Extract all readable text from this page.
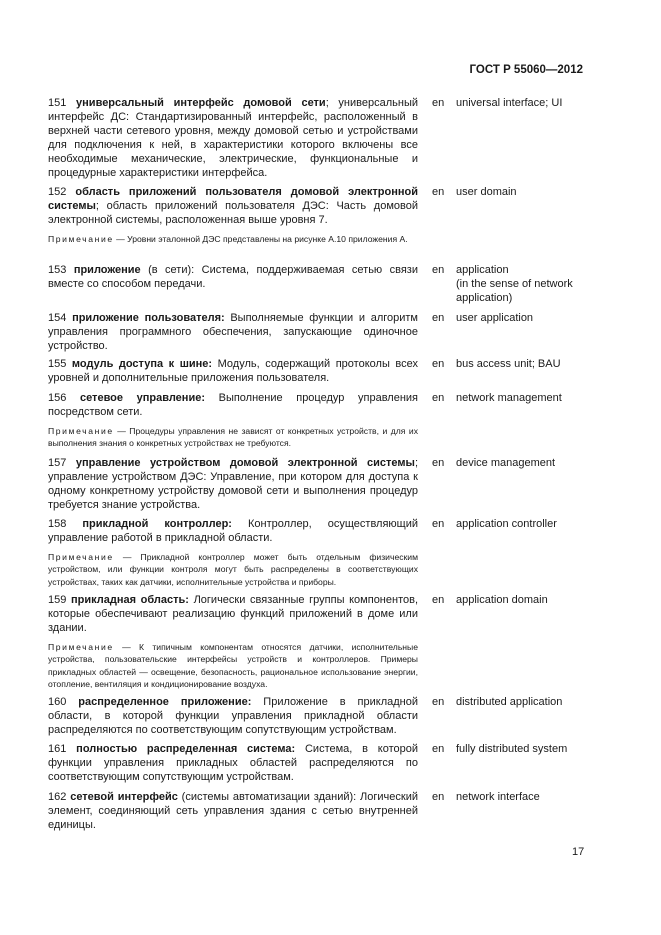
ГОСТ Р 55060—2012
151 универсальный интерфейс домовой сети; универсальный интерфейс ДС: Стандартизированный интерфейс, расположенный в верхней части сетевого уровня, между домовой сетью и устройствами для подключения к ней, в характеристики которого включены все необходимые механические, электрические, функциональные и процедурные характеристики интерфейса.
en universal interface; UI
152 область приложений пользователя домовой электронной системы; область приложений пользователя ДЭС: Часть домовой электронной системы, расположенная выше уровня 7.
Примечание — Уровни эталонной ДЭС представлены на рисунке А.10 приложения А.
en user domain
153 приложение (в сети): Система, поддерживаемая сетью связи вместе со способом передачи.
en application
(in the sense of network application)
154 приложение пользователя: Выполняемые функции и алгоритм управления программного обеспечения, запускающие одиночное устройство.
en user application
155 модуль доступа к шине: Модуль, содержащий протоколы всех уровней и дополнительные приложения пользователя.
en bus access unit; BAU
156 сетевое управление: Выполнение процедур управления посредством сети.
Примечание — Процедуры управления не зависят от конкретных устройств, и для их выполнения знания о конкретных устройствах не требуются.
en network management
157 управление устройством домовой электронной системы; управление устройством ДЭС: Управление, при котором для доступа к одному конкретному устройству домовой сети и выполнения процедур требуется знание устройства.
en device management
158 прикладной контроллер: Контроллер, осуществляющий управление работой в прикладной области.
Примечание — Прикладной контроллер может быть отдельным физическим устройством, или функции контроля могут быть распределены в соответствующих устройствах, таких как датчики, исполнительные устройства и приборы.
en application controller
159 прикладная область: Логически связанные группы компонентов, которые обеспечивают реализацию функций приложений в доме или здании.
Примечание — К типичным компонентам относятся датчики, исполнительные устройства, пользовательские интерфейсы устройств и контроллеров. Примеры прикладных областей — освещение, безопасность, рациональное использование энергии, отопление, вентиляция и кондиционирование воздуха.
en application domain
160 распределенное приложение: Приложение в прикладной области, в которой функции управления прикладной области распределяются по соответствующим сопутствующим устройствам.
en distributed application
161 полностью распределенная система: Система, в которой функции управления прикладных областей распределяются по соответствующим сопутствующим устройствам.
en fully distributed system
162 сетевой интерфейс (системы автоматизации зданий): Логический элемент, соединяющий сеть управления здания с сетью внутренней единицы.
en network interface
17
